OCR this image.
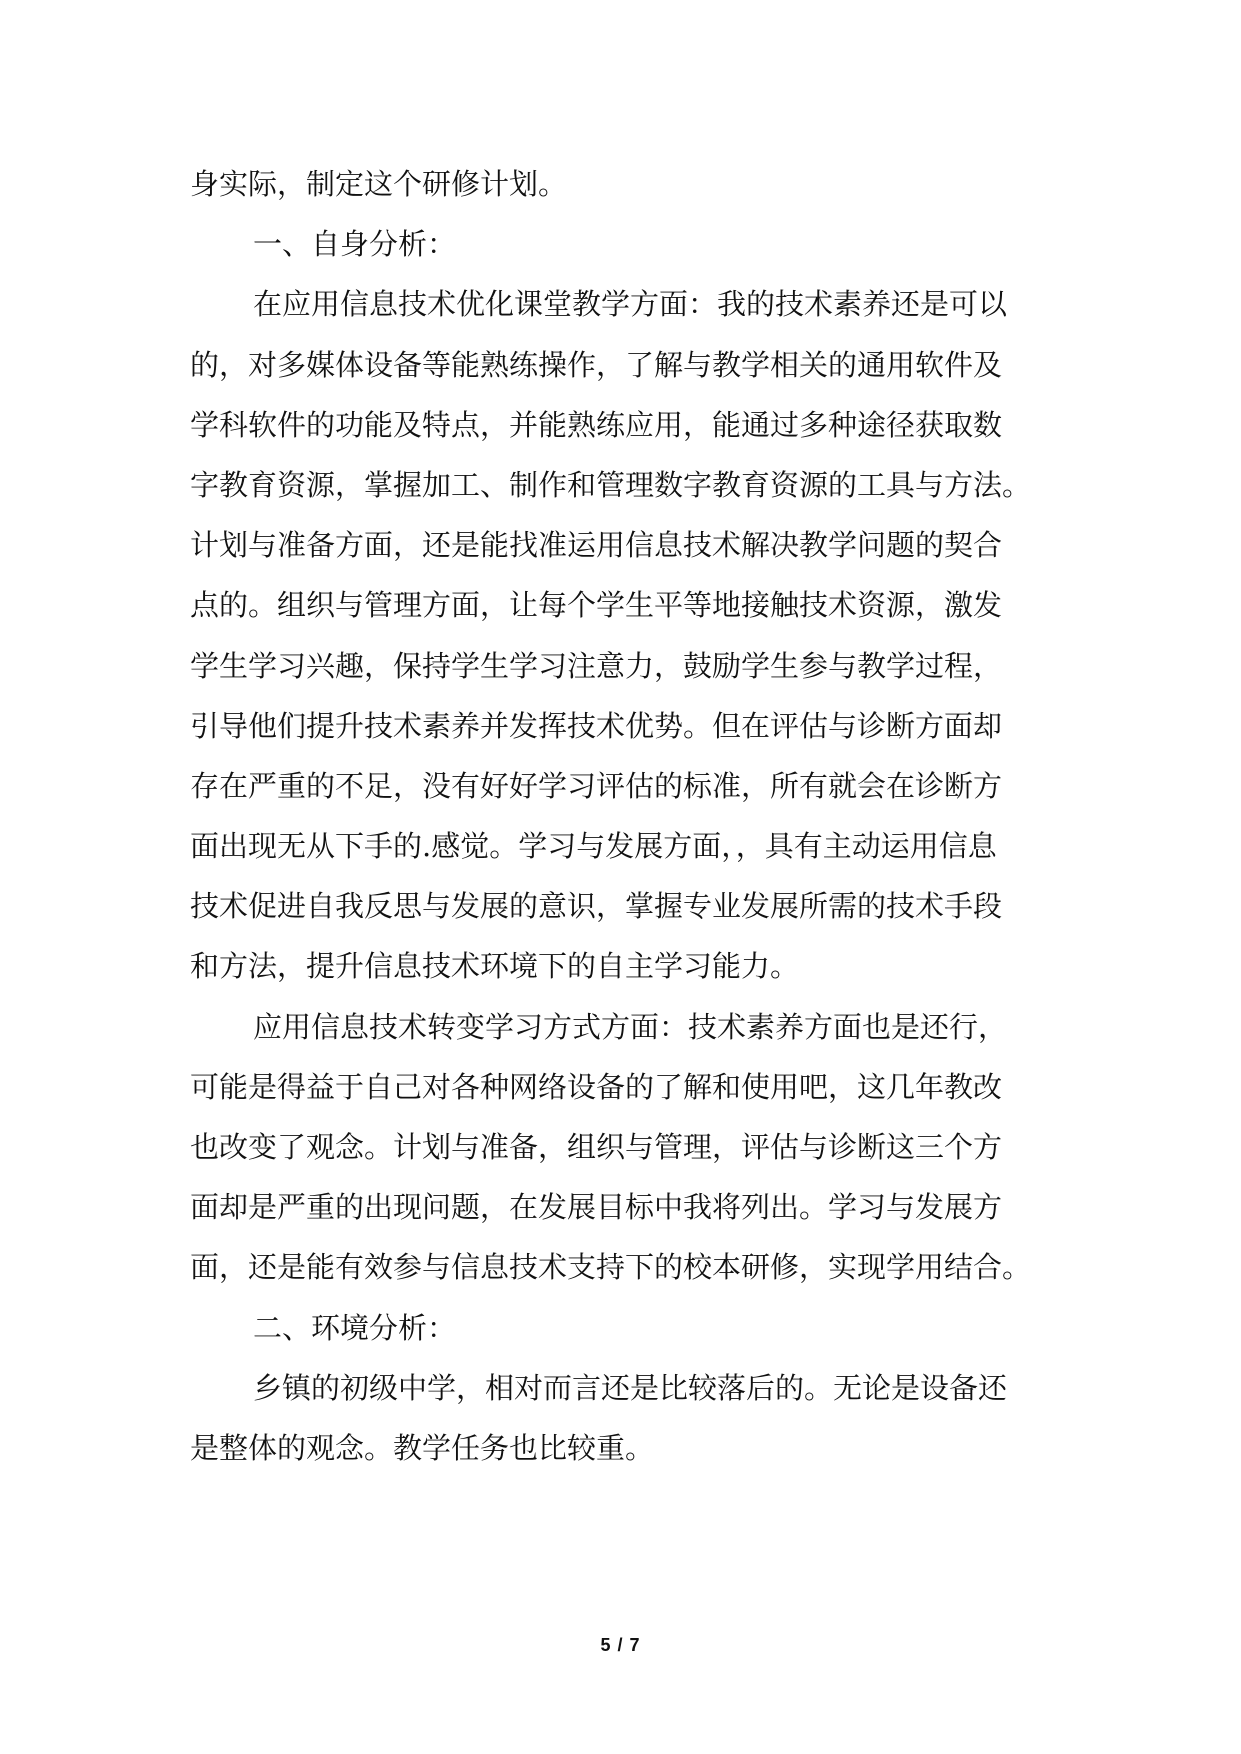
身实际，制定这个研修计划。
一、自身分析：
在应用信息技术优化课堂教学方面：我的技术素养还是可以
的，对多媒体设备等能熟练操作，了解与教学相关的通用软件及
学科软件的功能及特点，并能熟练应用，能通过多种途径获取数
字教育资源，掌握加工、制作和管理数字教育资源的工具与方法。
计划与准备方面，还是能找准运用信息技术解决教学问题的契合
点的。组织与管理方面，让每个学生平等地接触技术资源，激发
学生学习兴趣，保持学生学习注意力，鼓励学生参与教学过程，
引导他们提升技术素养并发挥技术优势。但在评估与诊断方面却
存在严重的不足，没有好好学习评估的标准，所有就会在诊断方
面出现无从下手的.感觉。学习与发展方面，，具有主动运用信息
技术促进自我反思与发展的意识，掌握专业发展所需的技术手段
和方法，提升信息技术环境下的自主学习能力。
应用信息技术转变学习方式方面：技术素养方面也是还行，
可能是得益于自己对各种网络设备的了解和使用吧，这几年教改
也改变了观念。计划与准备，组织与管理，评估与诊断这三个方
面却是严重的出现问题，在发展目标中我将列出。学习与发展方
面，还是能有效参与信息技术支持下的校本研修，实现学用结合。
二、环境分析：
乡镇的初级中学，相对而言还是比较落后的。无论是设备还
是整体的观念。教学任务也比较重。
5 / 7
